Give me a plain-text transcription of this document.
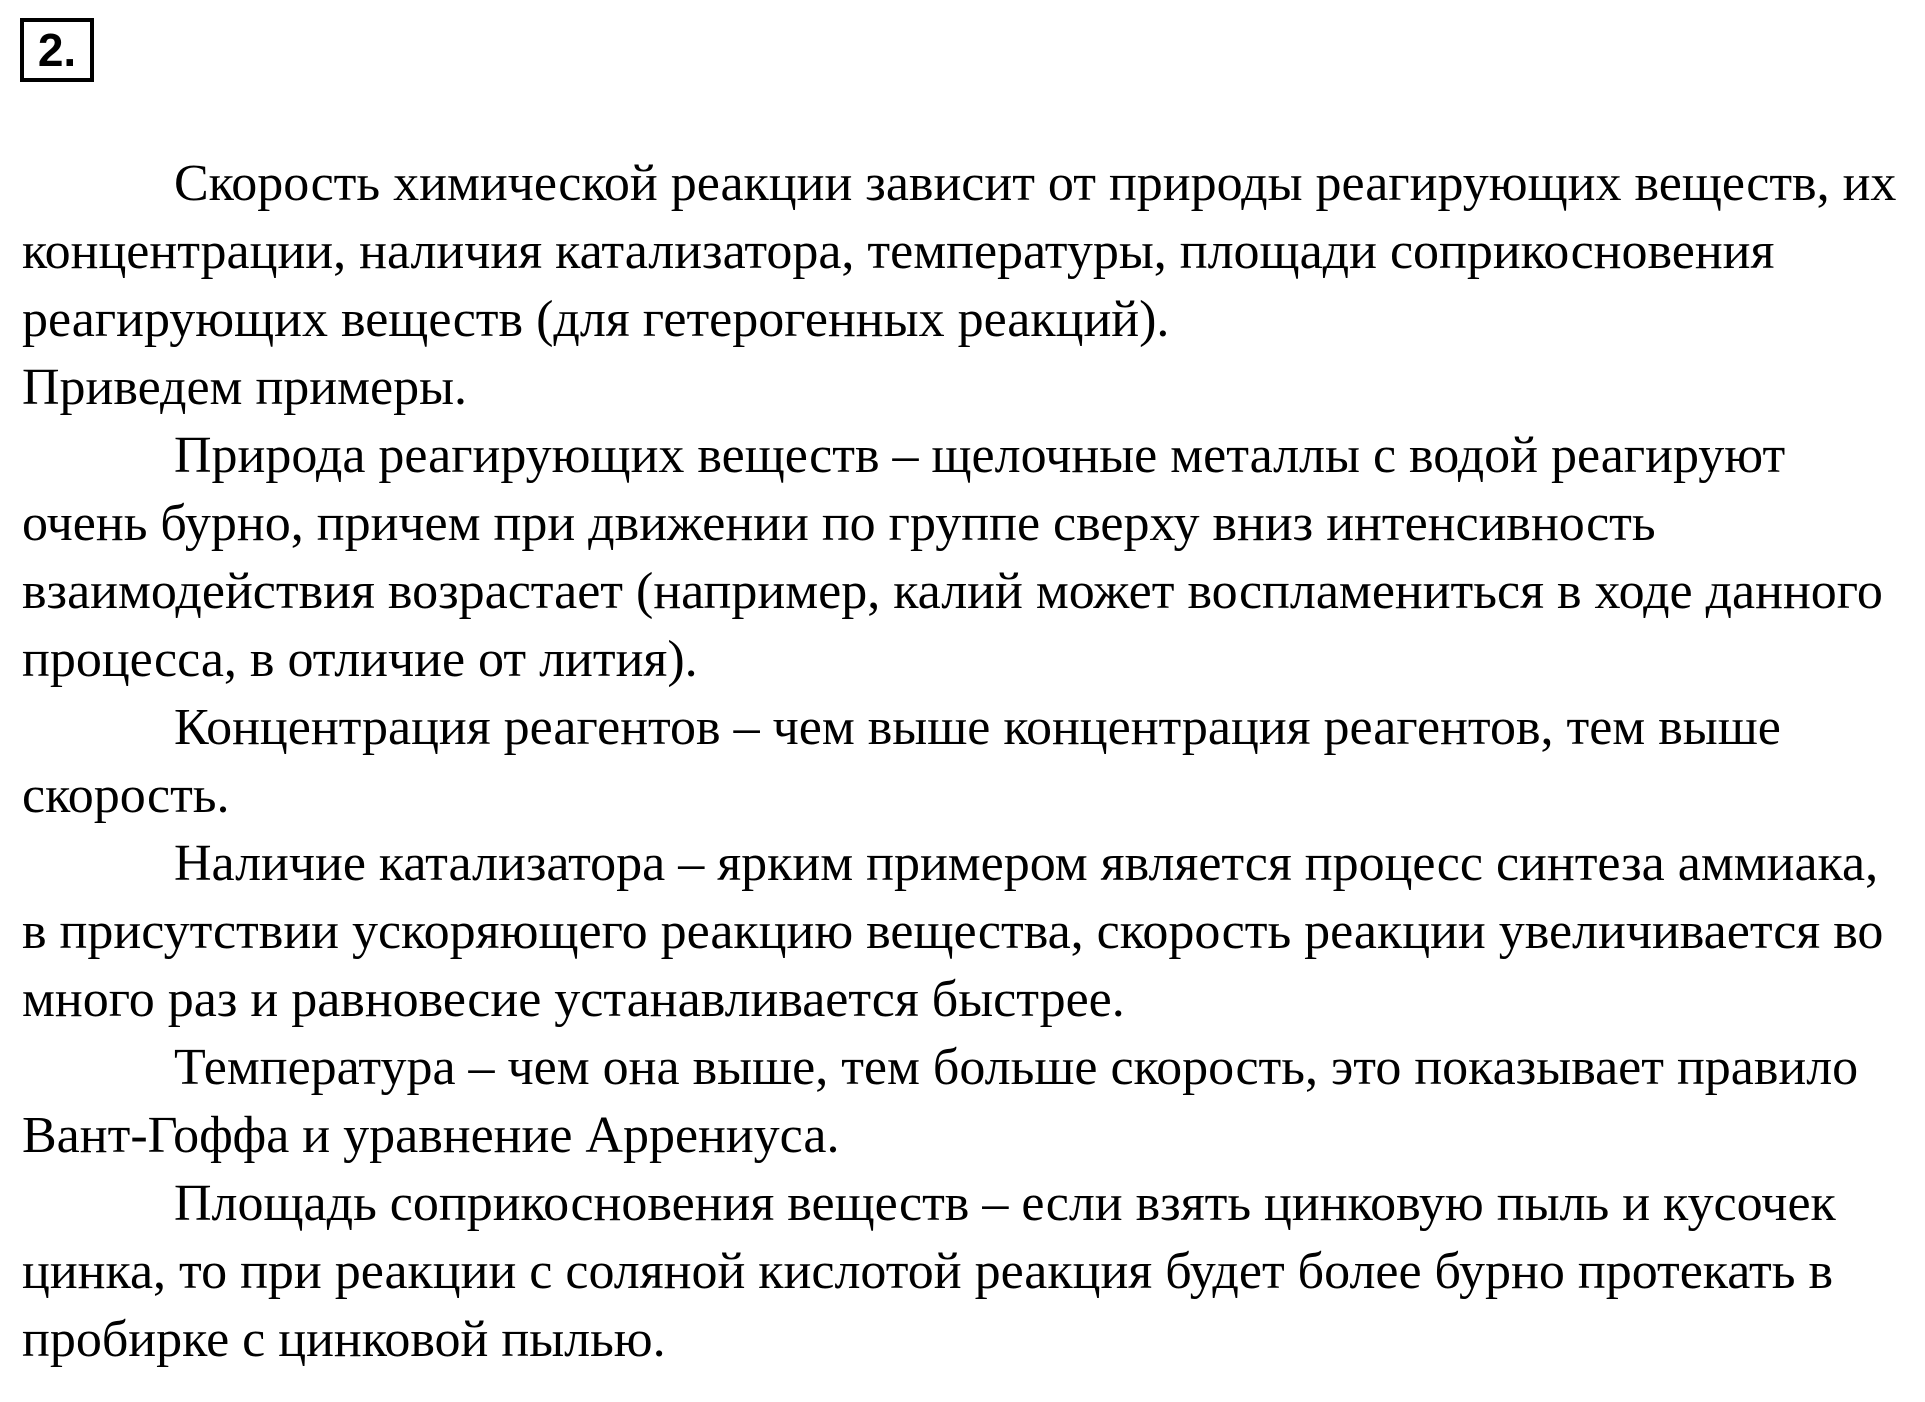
2.

Скорость химической реакции зависит от природы реагирующих веществ, их концентрации, наличия катализатора, температуры, площади соприкосновения реагирующих веществ (для гетерогенных реакций).

Приведем примеры.

Природа реагирующих веществ – щелочные металлы с водой реагируют очень бурно, причем при движении по группе сверху вниз интенсивность взаимодействия возрастает (например, калий может воспламениться в ходе данного процесса, в отличие от лития).

Концентрация реагентов – чем выше концентрация реагентов, тем выше скорость.

Наличие катализатора – ярким примером является процесс синтеза аммиака, в присутствии ускоряющего реакцию вещества, скорость реакции увеличивается во много раз и равновесие устанавливается быстрее.

Температура – чем она выше, тем больше скорость, это показывает правило Вант-Гоффа и уравнение Аррениуса.

Площадь соприкосновения веществ – если взять цинковую пыль и кусочек цинка, то при реакции с соляной кислотой реакция будет более бурно протекать в пробирке с цинковой пылью.
